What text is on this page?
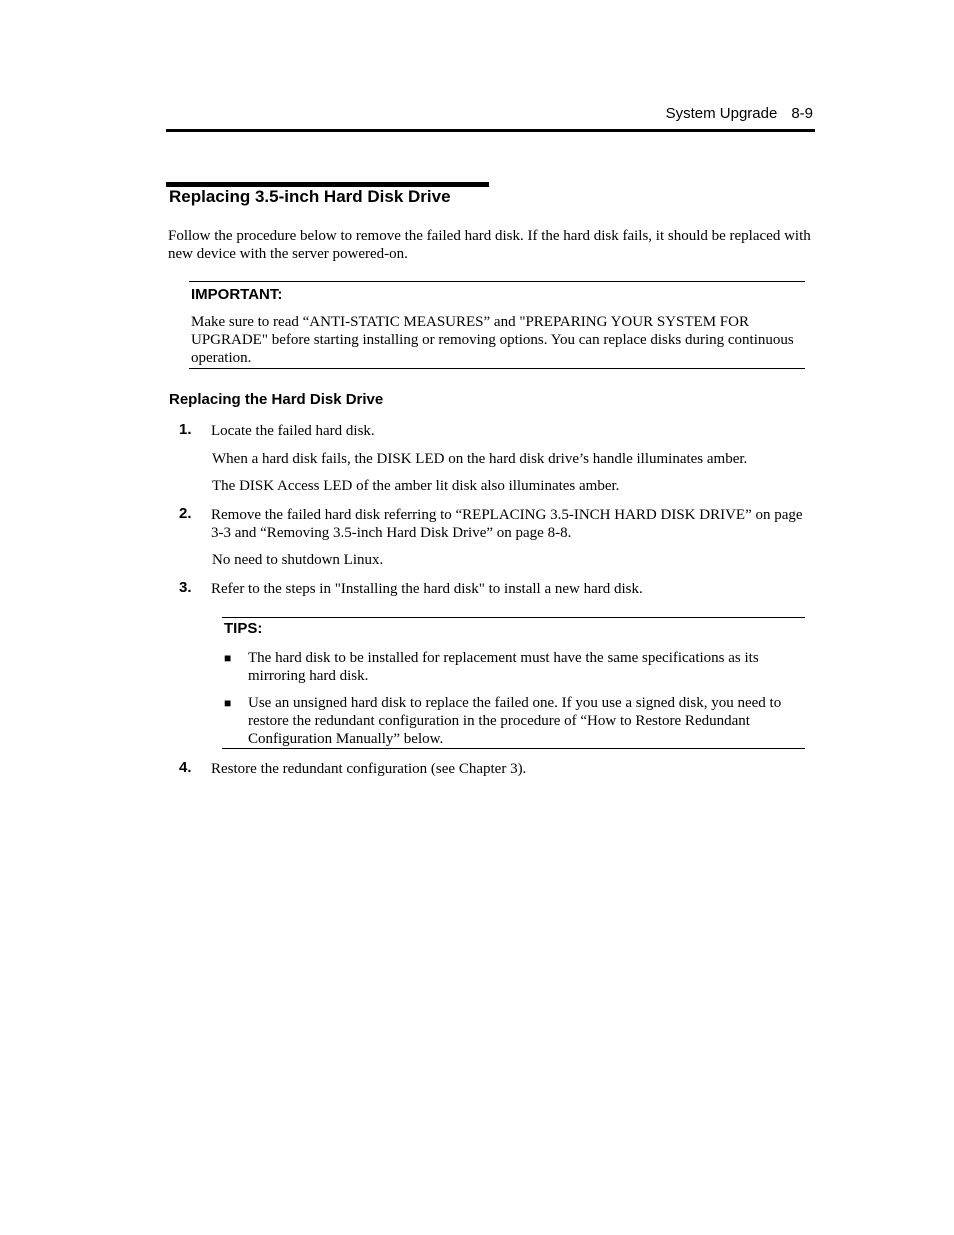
System Upgrade 8-9
Replacing 3.5-inch Hard Disk Drive
Follow the procedure below to remove the failed hard disk. If the hard disk fails, it should be replaced with new device with the server powered-on.
IMPORTANT:
Make sure to read “ANTI-STATIC MEASURES” and "PREPARING YOUR SYSTEM FOR UPGRADE" before starting installing or removing options. You can replace disks during continuous operation.
Replacing the Hard Disk Drive
1. Locate the failed hard disk.
When a hard disk fails, the DISK LED on the hard disk drive’s handle illuminates amber.
The DISK Access LED of the amber lit disk also illuminates amber.
2. Remove the failed hard disk referring to “REPLACING 3.5-INCH HARD DISK DRIVE” on page 3-3 and “Removing 3.5-inch Hard Disk Drive” on page 8-8.
No need to shutdown Linux.
3. Refer to the steps in "Installing the hard disk" to install a new hard disk.
TIPS:
■ The hard disk to be installed for replacement must have the same specifications as its mirroring hard disk.
■ Use an unsigned hard disk to replace the failed one. If you use a signed disk, you need to restore the redundant configuration in the procedure of “How to Restore Redundant Configuration Manually” below.
4. Restore the redundant configuration (see Chapter 3).
